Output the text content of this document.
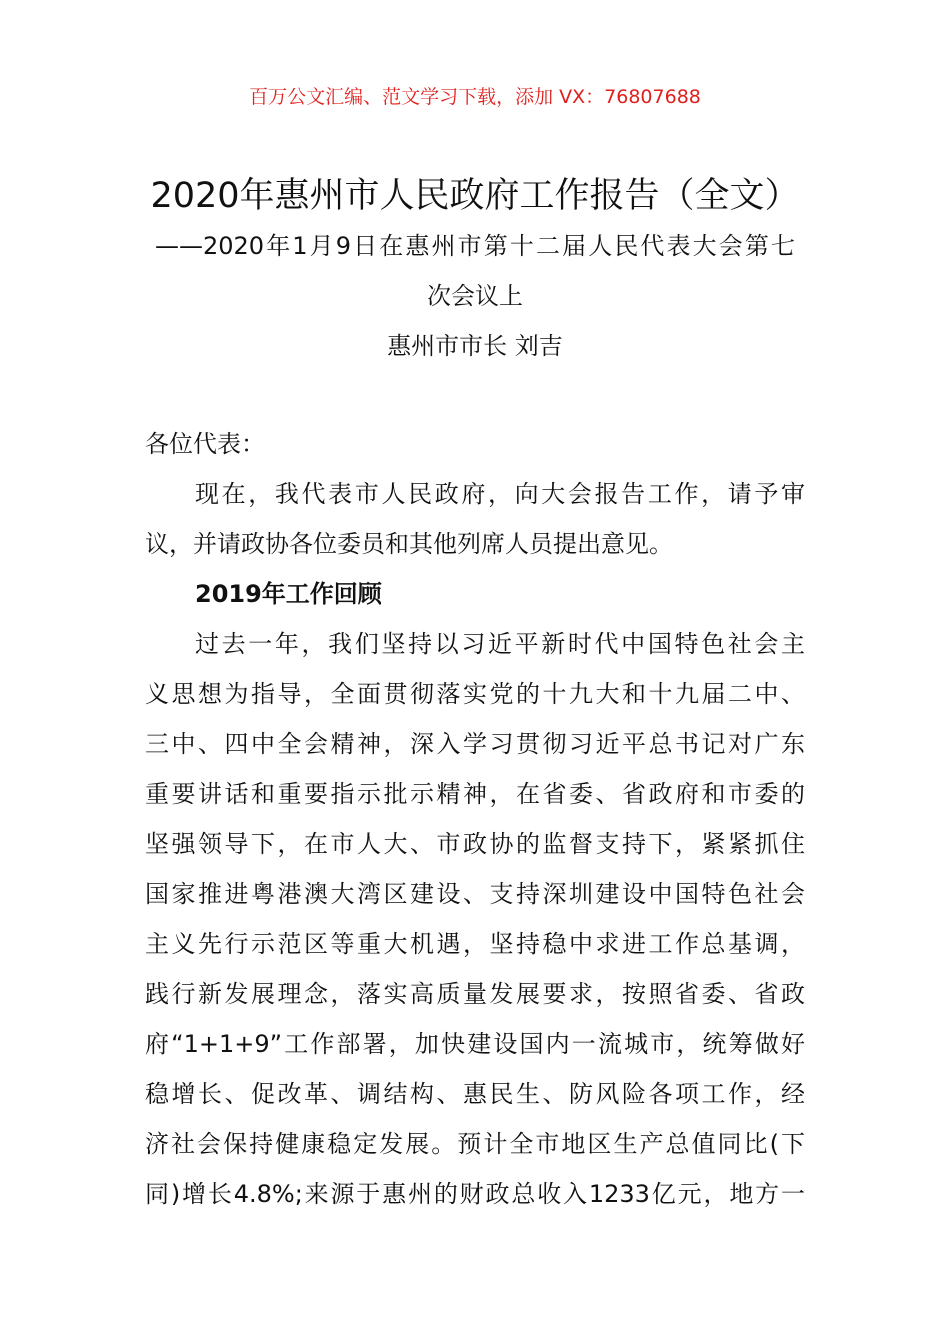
百万公文汇编、范文学习下载，添加 VX：76807688
2020年惠州市人民政府工作报告（全文）
——2020年1月9日在惠州市第十二届人民代表大会第七
次会议上
惠州市市长 刘吉
各位代表：
现在，我代表市人民政府，向大会报告工作，请予审
议，并请政协各位委员和其他列席人员提出意见。
2019年工作回顾
过去一年，我们坚持以习近平新时代中国特色社会主
义思想为指导，全面贯彻落实党的十九大和十九届二中、
三中、四中全会精神，深入学习贯彻习近平总书记对广东
重要讲话和重要指示批示精神，在省委、省政府和市委的
坚强领导下，在市人大、市政协的监督支持下，紧紧抓住
国家推进粤港澳大湾区建设、支持深圳建设中国特色社会
主义先行示范区等重大机遇，坚持稳中求进工作总基调，
践行新发展理念，落实高质量发展要求，按照省委、省政
府“1+1+9”工作部署，加快建设国内一流城市，统筹做好
稳增长、促改革、调结构、惠民生、防风险各项工作，经
济社会保持健康稳定发展。预计全市地区生产总值同比(下
同)增长4.8%;来源于惠州的财政总收入1233亿元，地方一
